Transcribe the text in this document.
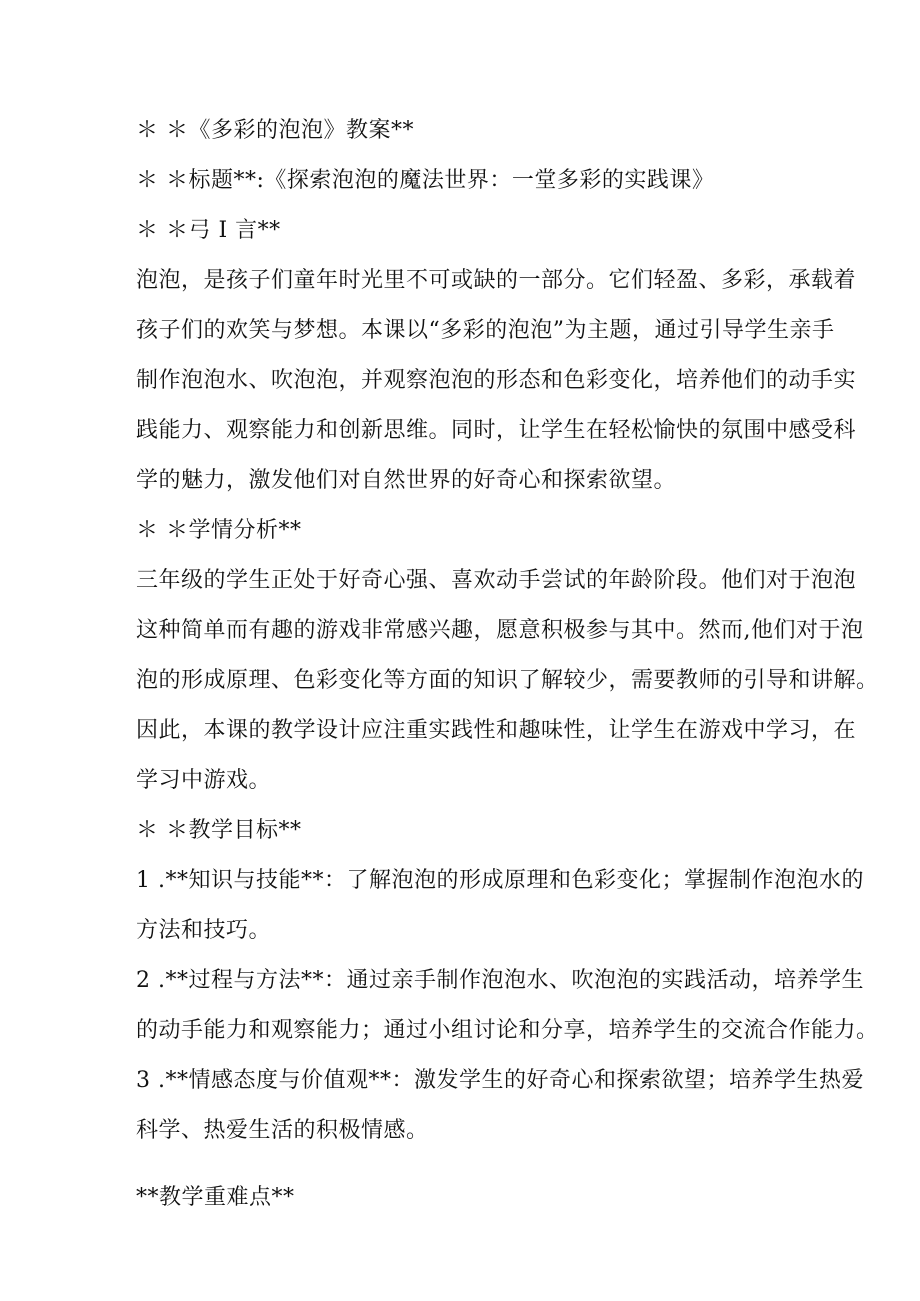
＊ ＊《多彩的泡泡》教案**
＊ ＊标题**:《探索泡泡的魔法世界：一堂多彩的实践课》
＊ ＊弓 I 言**
泡泡，是孩子们童年时光里不可或缺的一部分。它们轻盈、多彩，承载着
孩子们的欢笑与梦想。本课以“多彩的泡泡”为主题，通过引导学生亲手
制作泡泡水、吹泡泡，并观察泡泡的形态和色彩变化，培养他们的动手实
践能力、观察能力和创新思维。同时，让学生在轻松愉快的氛围中感受科
学的魅力，激发他们对自然世界的好奇心和探索欲望。
＊ ＊学情分析**
三年级的学生正处于好奇心强、喜欢动手尝试的年龄阶段。他们对于泡泡
这种简单而有趣的游戏非常感兴趣，愿意积极参与其中。然而,他们对于泡
泡的形成原理、色彩变化等方面的知识了解较少，需要教师的引导和讲解。
因此，本课的教学设计应注重实践性和趣味性，让学生在游戏中学习，在
学习中游戏。
＊ ＊教学目标**
1 .**知识与技能**：了解泡泡的形成原理和色彩变化；掌握制作泡泡水的
方法和技巧。
2 .**过程与方法**：通过亲手制作泡泡水、吹泡泡的实践活动，培养学生
的动手能力和观察能力；通过小组讨论和分享，培养学生的交流合作能力。
3 .**情感态度与价值观**：激发学生的好奇心和探索欲望；培养学生热爱
科学、热爱生活的积极情感。
**教学重难点**
